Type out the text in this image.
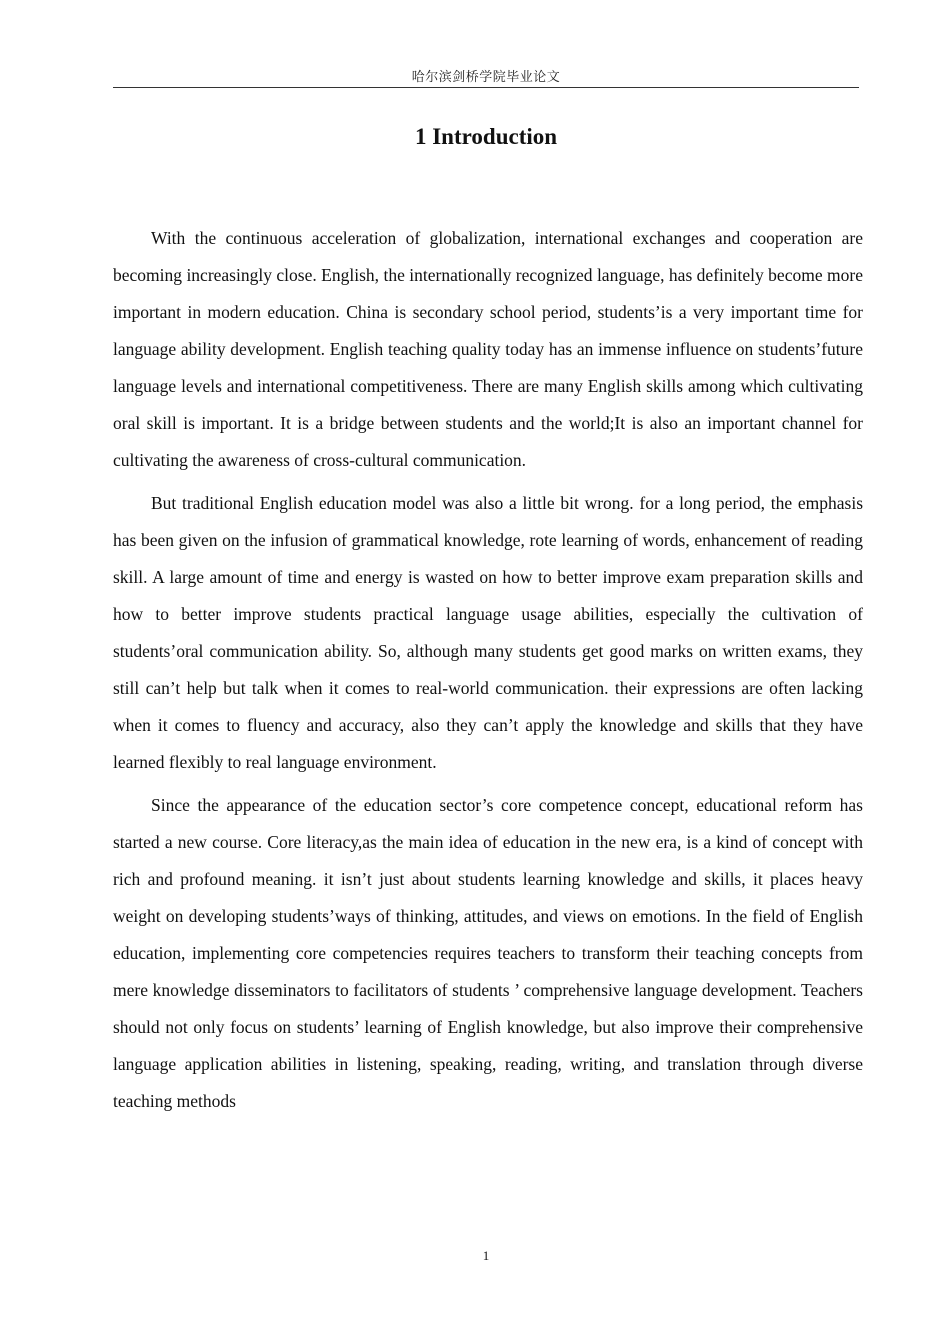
哈尔滨剑桥学院毕业论文
1 Introduction

With the continuous acceleration of globalization, international exchanges and cooperation are becoming increasingly close. English, the internationally recognized language, has definitely become more important in modern education. China is secondary school period, students’is a very important time for language ability development. English teaching quality today has an immense influence on students’future language levels and international competitiveness. There are many English skills among which cultivating oral skill is important. It is a bridge between students and the world;It is also an important channel for cultivating the awareness of cross-cultural communication.

But traditional English education model was also a little bit wrong. for a long period, the emphasis has been given on the infusion of grammatical knowledge, rote learning of words, enhancement of reading skill. A large amount of time and energy is wasted on how to better improve exam preparation skills and how to better improve students practical language usage abilities, especially the cultivation of students’oral communication ability. So, although many students get good marks on written exams, they still can’t help but talk when it comes to real-world communication. their expressions are often lacking when it comes to fluency and accuracy, also they can’t apply the knowledge and skills that they have learned flexibly to real language environment.

Since the appearance of the education sector’s core competence concept, educational reform has started a new course. Core literacy,as the main idea of education in the new era, is a kind of concept with rich and profound meaning. it isn’t just about students learning knowledge and skills, it places heavy weight on developing students’ways of thinking, attitudes, and views on emotions. In the field of English education, implementing core competencies requires teachers to transform their teaching concepts from mere knowledge disseminators to facilitators of students ’ comprehensive language development. Teachers should not only focus on students’ learning of English knowledge, but also improve their comprehensive language application abilities in listening, speaking, reading, writing, and translation through diverse teaching methods

1
